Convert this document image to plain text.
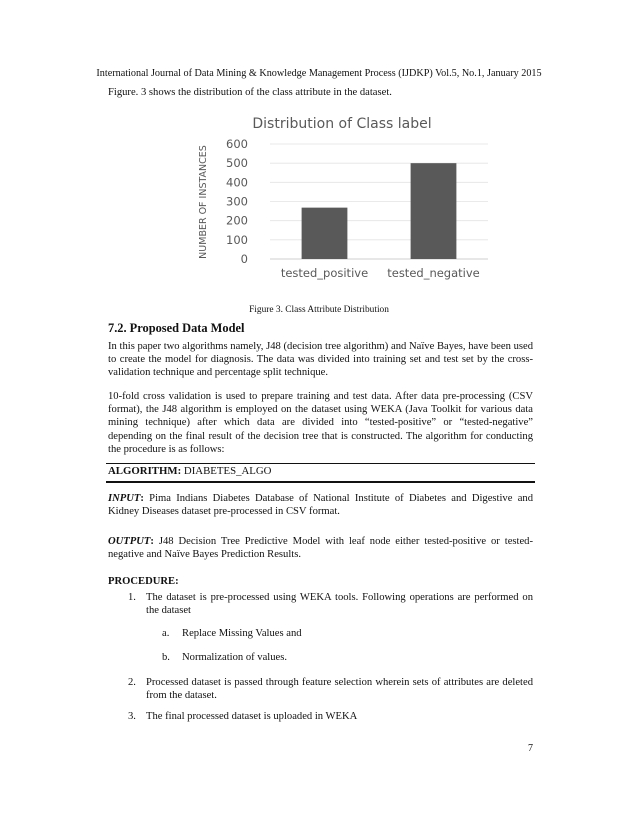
International Journal of Data Mining & Knowledge Management Process (IJDKP) Vol.5, No.1, January 2015

Figure. 3 shows the distribution of the class attribute in the dataset.

Distribution of Class label
NUMBER OF INSTANCES
0
100
200
300
400
500
600
tested_positive tested_negative
Figure 3. Class Attribute Distribution
7.2. Proposed Data Model

In this paper two algorithms namely, J48 (decision tree algorithm) and Naïve Bayes, have been used to create the model for diagnosis. The data was divided into training set and test set by the cross-validation technique and percentage split technique.

10-fold cross validation is used to prepare training and test data. After data pre-processing (CSV format), the J48 algorithm is employed on the dataset using WEKA (Java Toolkit for various data mining technique) after which data are divided into “tested-positive” or “tested-negative” depending on the final result of the decision tree that is constructed. The algorithm for conducting the procedure is as follows:

ALGORITHM: DIABETES_ALGO

INPUT: Pima Indians Diabetes Database of National Institute of Diabetes and Digestive and Kidney Diseases dataset pre-processed in CSV format.

OUTPUT: J48 Decision Tree Predictive Model with leaf node either tested-positive or tested-negative and Naïve Bayes Prediction Results.

PROCEDURE:
1. The dataset is pre-processed using WEKA tools. Following operations are performed on the dataset
a.	Replace Missing Values and
b.	Normalization of values.
2. Processed dataset is passed through feature selection wherein sets of attributes are deleted from the dataset.
3. The final processed dataset is uploaded in WEKA
7
